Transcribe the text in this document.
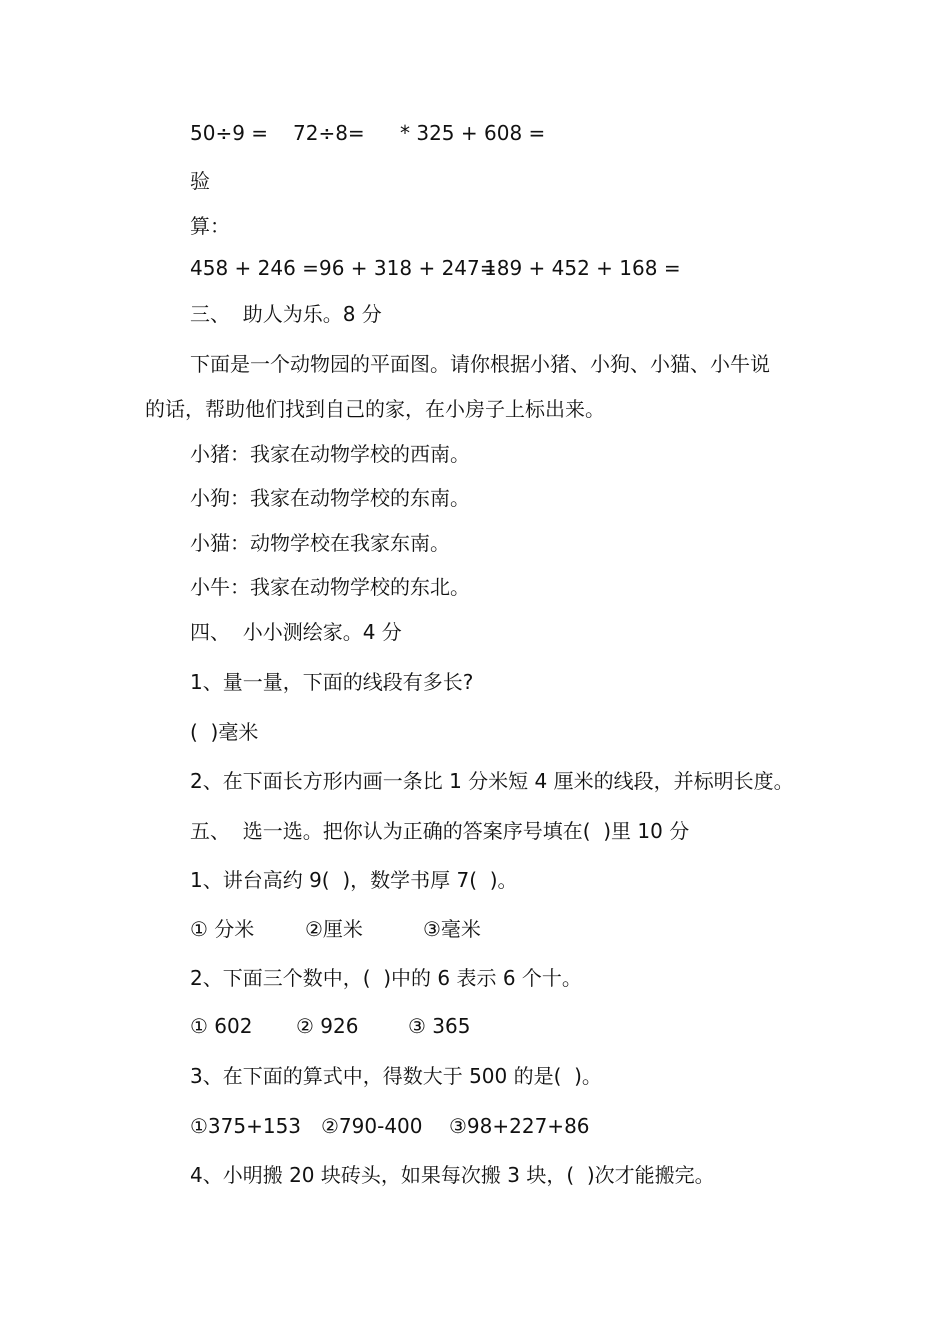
50÷9 =

72÷8=

* 325 + 608 =

验
算：

458 + 246 =

96 + 318 + 247=

189 + 452 + 168 =

三、  助人为乐。8 分
下面是一个动物园的平面图。请你根据小猪、小狗、小猫、小牛说
的话，帮助他们找到自己的家，在小房子上标出来。
小猪：我家在动物学校的西南。
小狗：我家在动物学校的东南。
小猫：动物学校在我家东南。
小牛：我家在动物学校的东北。
四、  小小测绘家。4 分
1、量一量，下面的线段有多长?
(  )毫米
2、在下面长方形内画一条比 1 分米短 4 厘米的线段，并标明长度。
五、  选一选。把你认为正确的答案序号填在(  )里 10 分
1、讲台高约 9(  )，数学书厚 7(  )。

① 分米

	②厘米

	③毫米

2、下面三个数中，(  )中的 6 表示 6 个十。

① 602

② 926

③ 365

3、在下面的算式中，得数大于 500 的是(  )。

①375+153

②790-400

③98+227+86

4、小明搬 20 块砖头，如果每次搬 3 块，(  )次才能搬完。
